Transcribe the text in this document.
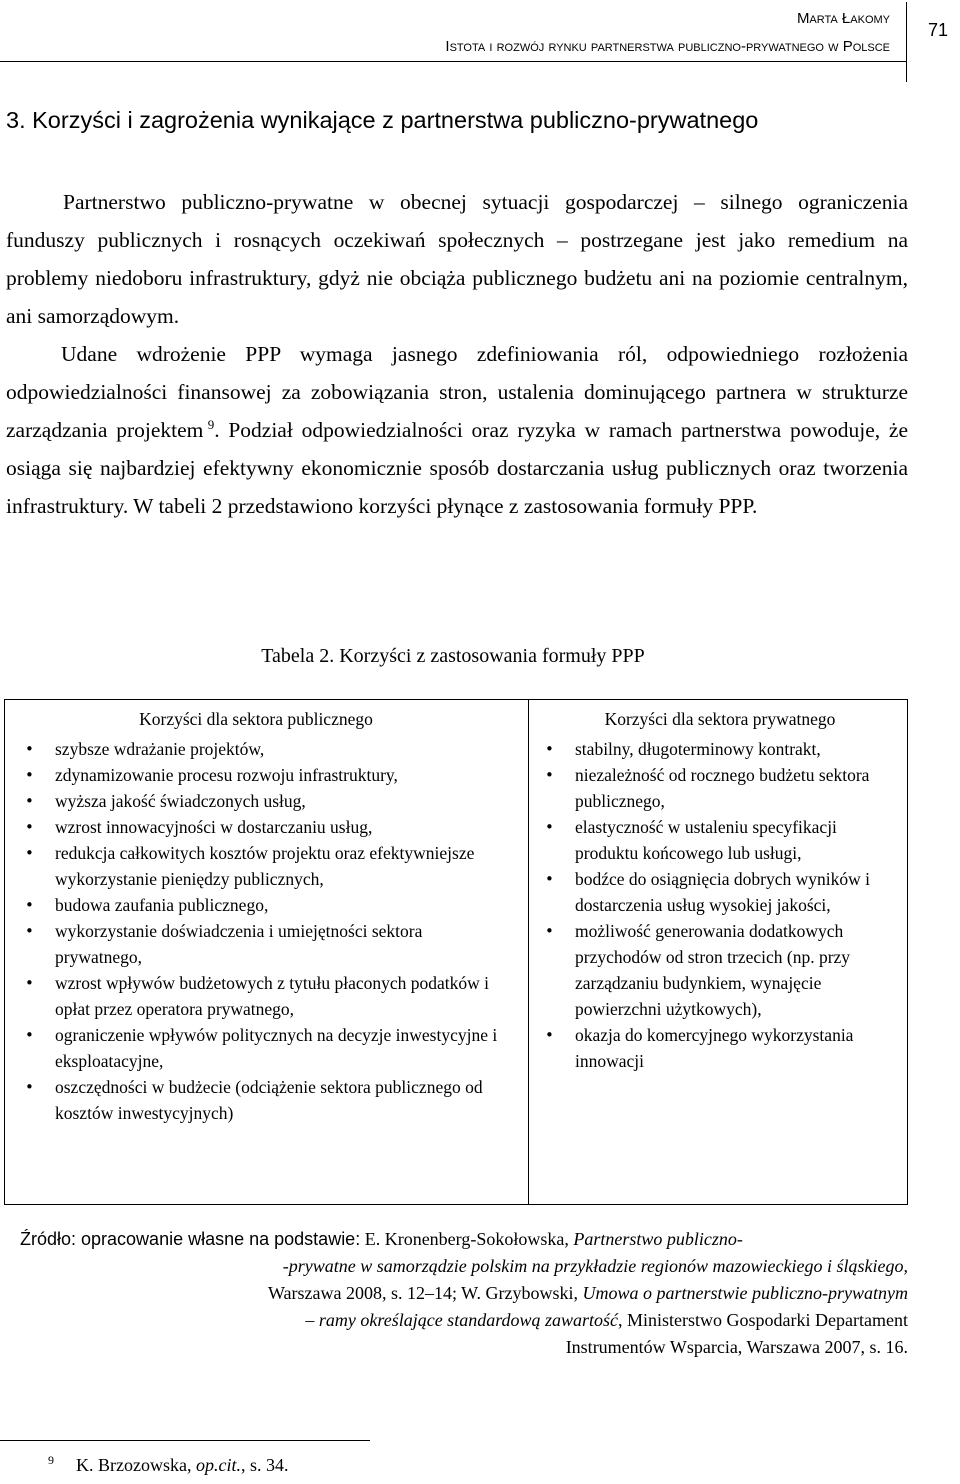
Marta Łakomy
Istota i rozwój rynku partnerstwa publiczno-prywatnego w Polsce
71
3. Korzyści i zagrożenia wynikające z partnerstwa publiczno-prywatnego

Partnerstwo publiczno-prywatne w obecnej sytuacji gospodarczej – silnego ograniczenia funduszy publicznych i rosnących oczekiwań społecznych – postrzegane jest jako remedium na problemy niedoboru infrastruktury, gdyż nie obciąża publicznego budżetu ani na poziomie centralnym, ani samorządowym.

Udane wdrożenie PPP wymaga jasnego zdefiniowania ról, odpowiedniego rozłożenia odpowiedzialności finansowej za zobowiązania stron, ustalenia dominującego partnera w strukturze zarządzania projektem  $^9$. Podział odpowiedzialności oraz ryzyka w ramach partnerstwa powoduje, że osiąga się najbardziej efektywny ekonomicznie sposób dostarczania usług publicznych oraz tworzenia infrastruktury. W tabeli 2 przedstawiono korzyści płynące z zastosowania formuły PPP.

Tabela 2. Korzyści z zastosowania formuły PPP
Korzyści dla sektora publicznego
• szybsze wdrażanie projektów,
• zdynamizowanie procesu rozwoju infrastruktury,
• wyższa jakość świadczonych usług,
• wzrost innowacyjności w dostarczaniu usług,
• redukcja całkowitych kosztów projektu oraz efektywniejsze wykorzystanie pieniędzy publicznych,
• budowa zaufania publicznego,
• wykorzystanie doświadczenia i umiejętności sektora prywatnego,
• wzrost wpływów budżetowych z tytułu płaconych podatków i opłat przez operatora prywatnego,
• ograniczenie wpływów politycznych na decyzje inwestycyjne i eksploatacyjne,
• oszczędności w budżecie (odciążenie sektora publicznego od kosztów inwestycyjnych)
Korzyści dla sektora prywatnego
• stabilny, długoterminowy kontrakt,
• niezależność od rocznego budżetu sektora publicznego,
• elastyczność w ustaleniu specyfikacji produktu końcowego lub usługi,
• bodźce do osiągnięcia dobrych wyników i dostarczenia usług wysokiej jakości,
• możliwość generowania dodatkowych przychodów od stron trzecich (np. przy zarządzaniu budynkiem, wynajęcie powierzchni użytkowych),
• okazja do komercyjnego wykorzystania innowacji
Źródło: opracowanie własne na podstawie: E. Kronenberg-Sokołowska, Partnerstwo publiczno-
-prywatne w samorządzie polskim na przykładzie regionów mazowieckiego i śląskiego,
Warszawa 2008, s. 12–14; W. Grzybowski, Umowa o partnerstwie publiczno-prywatnym
– ramy określające standardową zawartość, Ministerstwo Gospodarki Departament
Instrumentów Wsparcia, Warszawa 2007, s. 16.
$^9$ K. Brzozowska, op.cit., s. 34.
